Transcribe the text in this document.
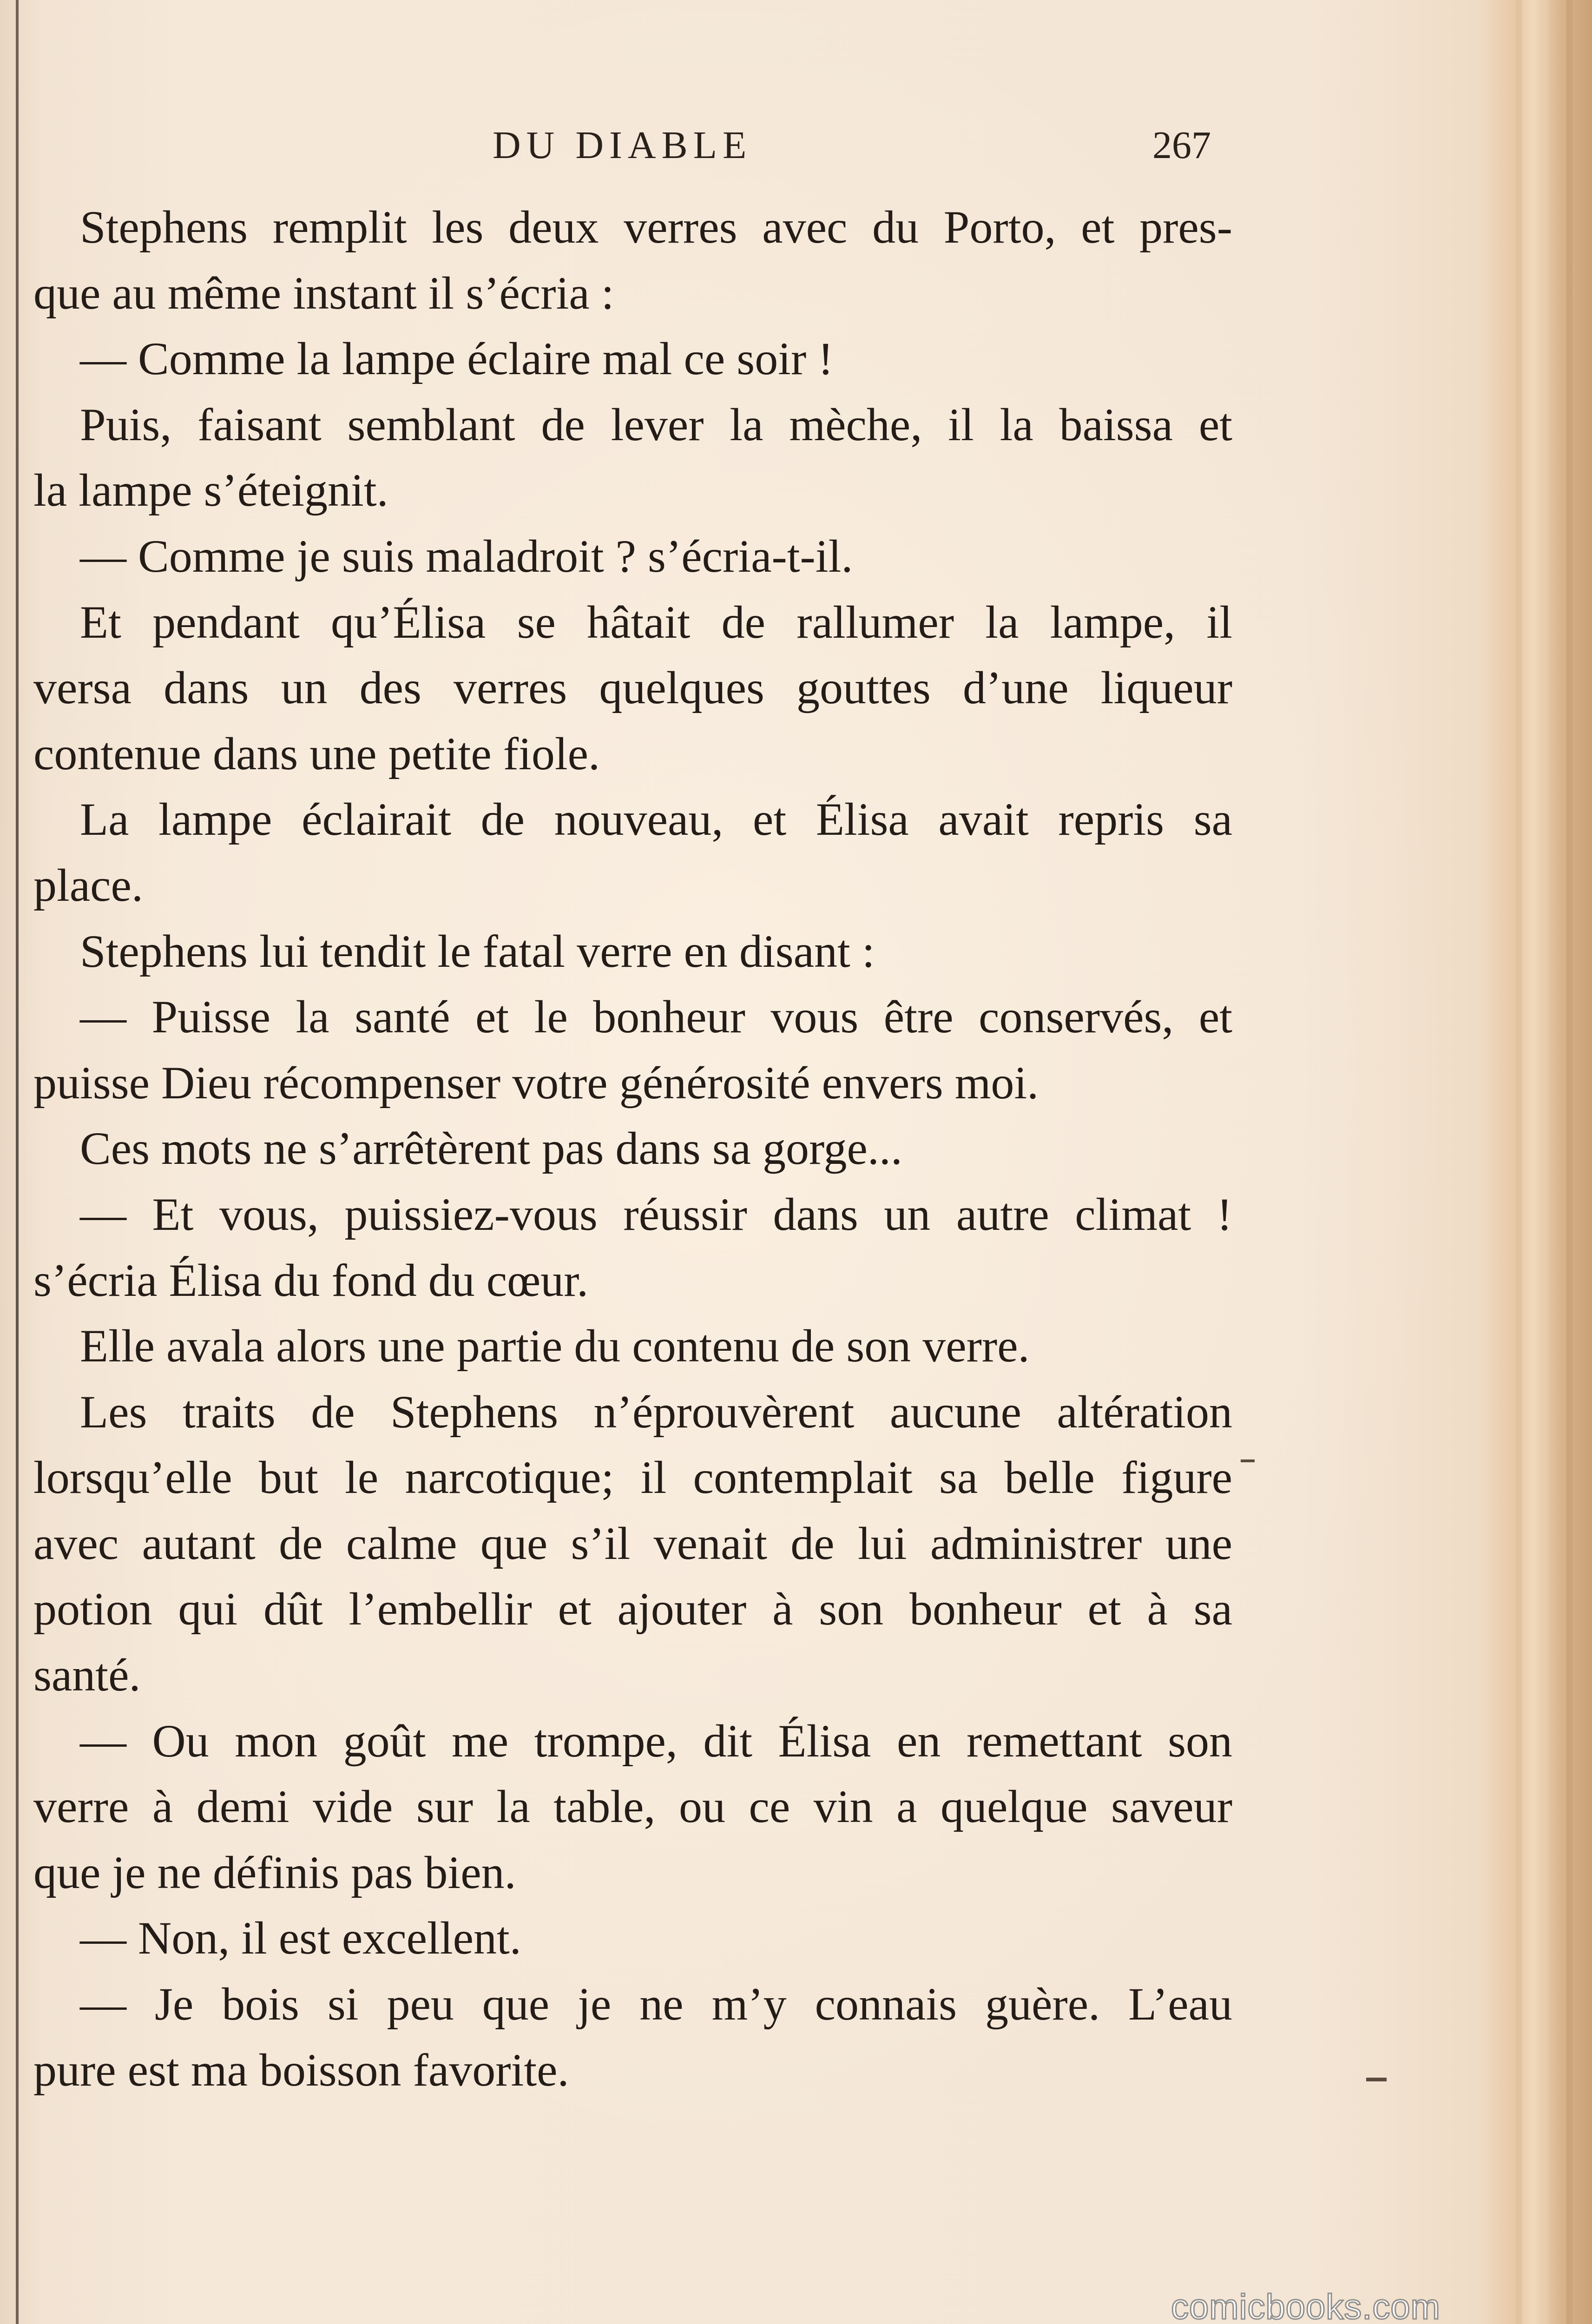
DU DIABLE	267
Stephens remplit les deux verres avec du Porto, et pres-
que au même instant il s’écria :
— Comme la lampe éclaire mal ce soir !
Puis, faisant semblant de lever la mèche, il la baissa et
la lampe s’éteignit.
— Comme je suis maladroit ? s’écria-t-il.
Et pendant qu’Élisa se hâtait de rallumer la lampe, il
versa dans un des verres quelques gouttes d’une liqueur
contenue dans une petite fiole.
La lampe éclairait de nouveau, et Élisa avait repris sa
place.
Stephens lui tendit le fatal verre en disant :
— Puisse la santé et le bonheur vous être conservés, et
puisse Dieu récompenser votre générosité envers moi.
Ces mots ne s’arrêtèrent pas dans sa gorge...
— Et vous, puissiez-vous réussir dans un autre climat !
s’écria Élisa du fond du cœur.
Elle avala alors une partie du contenu de son verre.
Les traits de Stephens n’éprouvèrent aucune altération
lorsqu’elle but le narcotique; il contemplait sa belle figure
avec autant de calme que s’il venait de lui administrer une
potion qui dût l’embellir et ajouter à son bonheur et à sa
santé.
— Ou mon goût me trompe, dit Élisa en remettant son
verre à demi vide sur la table, ou ce vin a quelque saveur
que je ne définis pas bien.
— Non, il est excellent.
— Je bois si peu que je ne m’y connais guère. L’eau
pure est ma boisson favorite.
comicbooks.com
